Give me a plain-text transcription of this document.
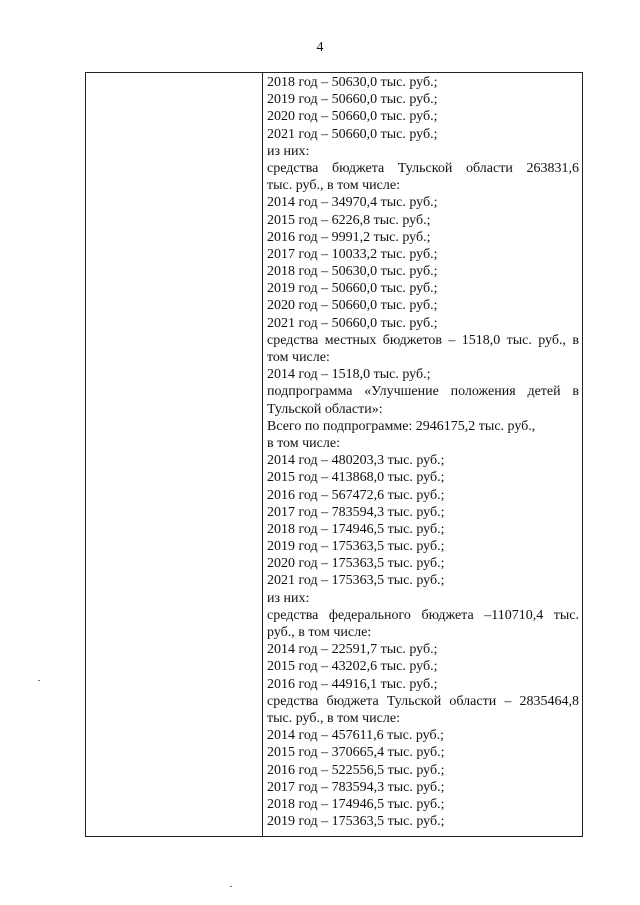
4
2018 год – 50630,0 тыс. руб.;
2019 год – 50660,0 тыс. руб.;
2020 год – 50660,0 тыс. руб.;
2021 год – 50660,0 тыс. руб.;
из них:
средства бюджета Тульской области 263831,6
тыс. руб., в том числе:
2014 год – 34970,4 тыс. руб.;
2015 год – 6226,8 тыс. руб.;
2016 год – 9991,2 тыс. руб.;
2017 год – 10033,2 тыс. руб.;
2018 год – 50630,0 тыс. руб.;
2019 год – 50660,0 тыс. руб.;
2020 год – 50660,0 тыс. руб.;
2021 год – 50660,0 тыс. руб.;
средства местных бюджетов – 1518,0 тыс. руб., в
том числе:
2014 год – 1518,0 тыс. руб.;
подпрограмма «Улучшение положения детей в
Тульской области»:
Всего по подпрограмме: 2946175,2 тыс. руб.,
в том числе:
2014 год – 480203,3 тыс. руб.;
2015 год – 413868,0 тыс. руб.;
2016 год – 567472,6 тыс. руб.;
2017 год – 783594,3 тыс. руб.;
2018 год – 174946,5 тыс. руб.;
2019 год – 175363,5 тыс. руб.;
2020 год – 175363,5 тыс. руб.;
2021 год – 175363,5 тыс. руб.;
из них:
средства федерального бюджета –110710,4 тыс.
руб., в том числе:
2014 год – 22591,7 тыс. руб.;
2015 год – 43202,6 тыс. руб.;
2016 год – 44916,1 тыс. руб.;
средства бюджета Тульской области – 2835464,8
тыс. руб., в том числе:
2014 год – 457611,6 тыс. руб.;
2015 год – 370665,4 тыс. руб.;
2016 год – 522556,5 тыс. руб.;
2017 год – 783594,3 тыс. руб.;
2018 год – 174946,5 тыс. руб.;
2019 год – 175363,5 тыс. руб.;
